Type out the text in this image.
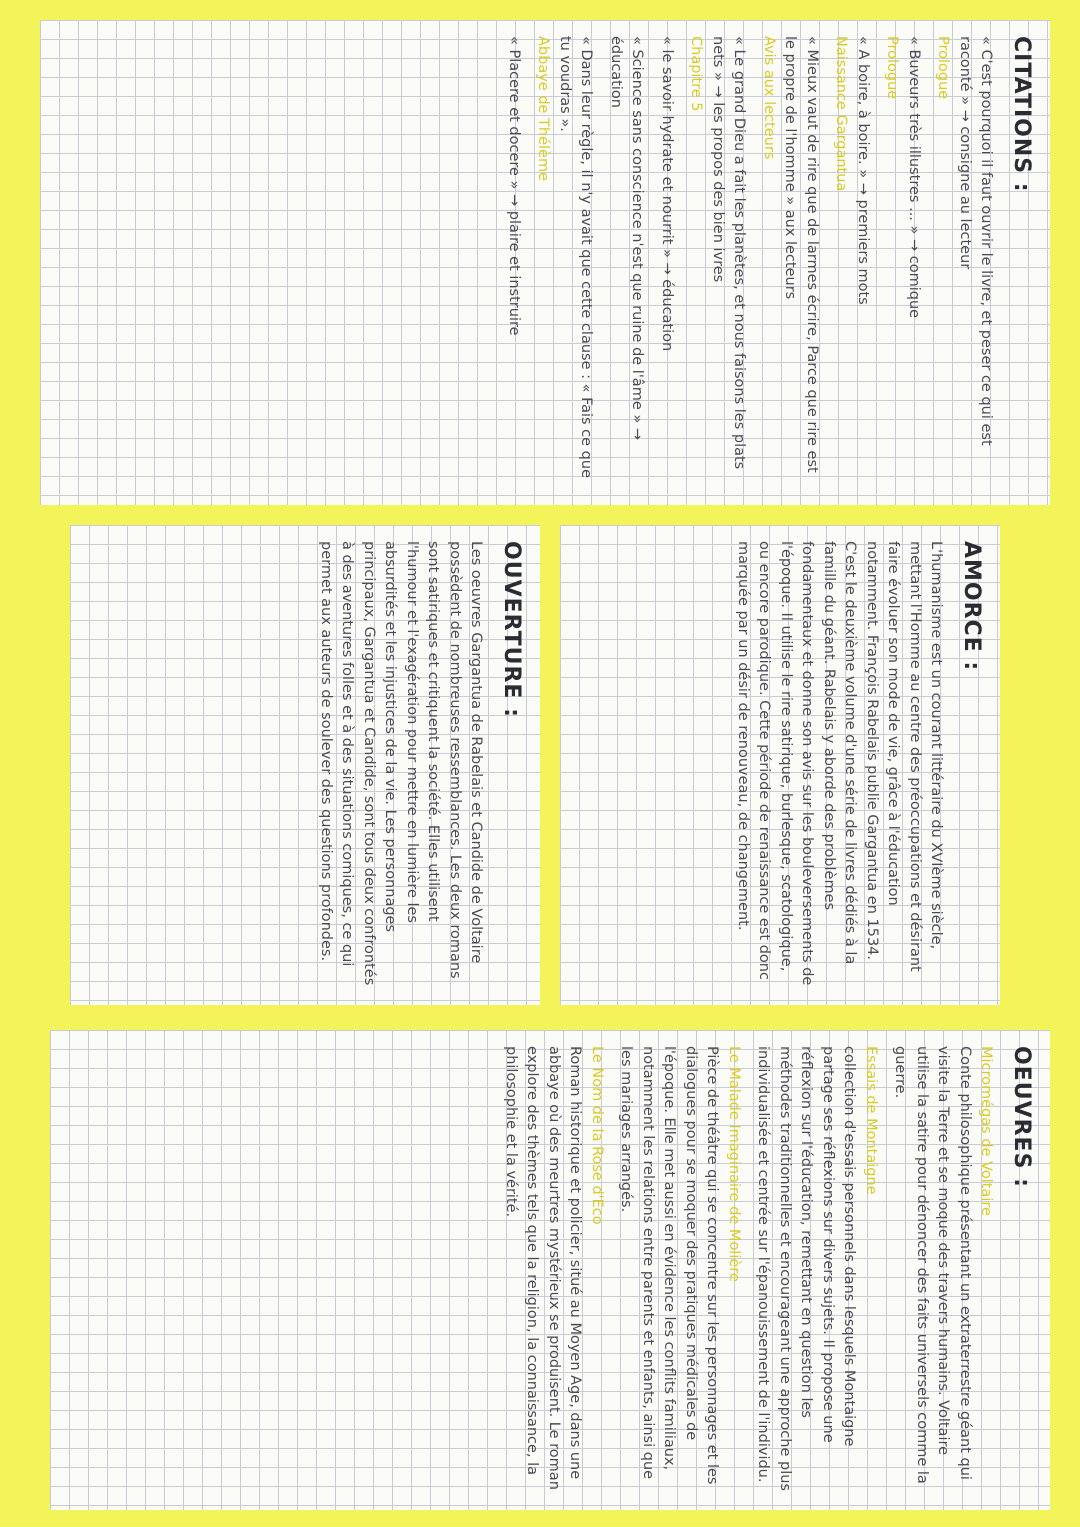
CITATIONS :
« C'est pourquoi il faut ouvrir le livre, et peser ce qui est raconté » → consigne au lecteur
Prologue
« Buveurs très illustres ... » → comique
Prologue
« A boire, à boire. » → premiers mots
Naissance Gargantua
« Mieux vaut de rire que de larmes écrire, Parce que rire est le propre de l'homme » aux lecteurs
Avis aux lecteurs
« Le grand Dieu a fait les planètes, et nous faisons les plats nets » → les propos des bien ivres
Chapitre 5
« le savoir hydrate et nourrit » → éducation
« Science sans conscience n'est que ruine de l'âme » → éducation
« Dans leur règle, il n'y avait que cette clause : « Fais ce que tu voudras ».
Abbaye de Thélème
« Placere et docere » → plaire et instruire
AMORCE :

L'humanisme est un courant littéraire du XVIème siècle, mettant l'Homme au centre des préoccupations et désirant faire évoluer son mode de vie, grâce à l'éducation notamment. François Rabelais publie Gargantua en 1534. C'est le deuxième volume d'une série de livres dédiés à la famille du géant. Rabelais y aborde des problèmes fondamentaux et donne son avis sur les bouleversements de l'époque. Il utilise le rire satirique, burlesque, scatologique, ou encore parodique. Cette période de renaissance est donc marquée par un désir de renouveau, de changement.

OUVERTURE :

Les oeuvres Gargantua de Rabelais et Candide de Voltaire possèdent de nombreuses ressemblances. Les deux romans sont satiriques et critiquent la société. Elles utilisent l'humour et l'exagération pour mettre en lumière les absurdités et les injustices de la vie. Les personnages principaux, Gargantua et Candide, sont tous deux confrontés à des aventures folles et à des situations comiques, ce qui permet aux auteurs de soulever des questions profondes.

OEUVRES :
Micromégas de Voltaire
Conte philosophique présentant un extraterrestre géant qui visite la Terre et se moque des travers humains. Voltaire utilise la satire pour dénoncer des faits universels comme la guerre.
Essais de Montaigne
collection d'essais personnels dans lesquels Montaigne partage ses réflexions sur divers sujets. Il propose une réflexion sur l'éducation, remettant en question les méthodes traditionnelles et encourageant une approche plus individualisée et centrée sur l'épanouissement de l'individu.
Le Malade Imaginaire de Molière
Pièce de théâtre qui se concentre sur les personnages et les dialogues pour se moquer des pratiques médicales de l'époque. Elle met aussi en évidence les conflits familiaux, notamment les relations entre parents et enfants, ainsi que les mariages arrangés.
Le Nom de la Rose d'Eco
Roman historique et policier, situé au Moyen Age, dans une abbaye où des meurtres mystérieux se produisent. Le roman explore des thèmes tels que la religion, la connaissance, la philosophie et la vérité.
